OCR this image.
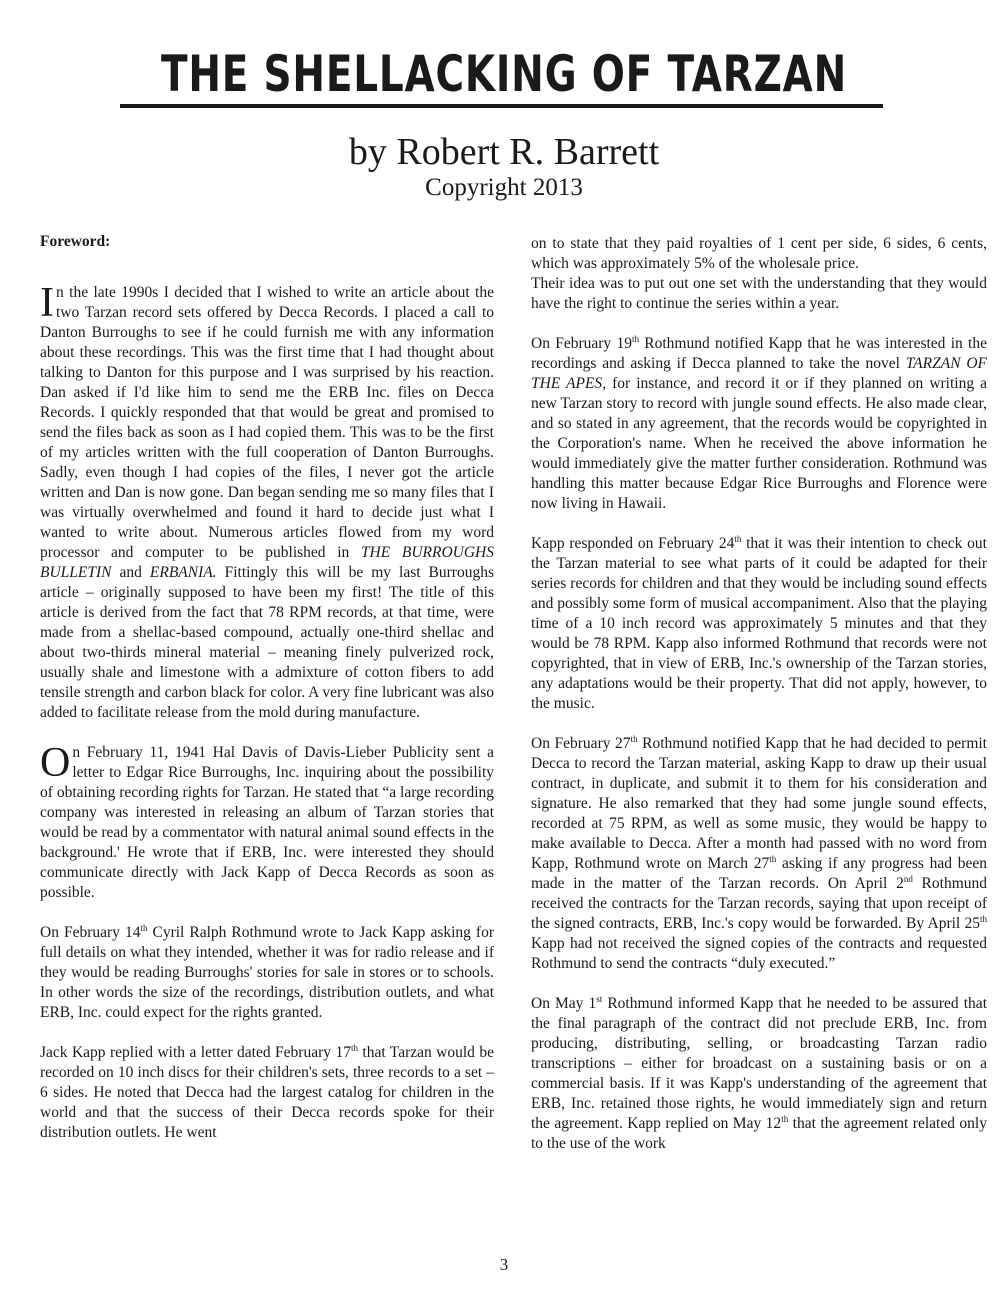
THE SHELLACKING OF TARZAN
by Robert R. Barrett
Copyright 2013
Foreword:

In the late 1990s I decided that I wished to write an article about the two Tarzan record sets offered by Decca Records. I placed a call to Danton Burroughs to see if he could furnish me with any information about these recordings. This was the first time that I had thought about talking to Danton for this purpose and I was surprised by his reaction. Dan asked if I'd like him to send me the ERB Inc. files on Decca Records. I quickly responded that that would be great and promised to send the files back as soon as I had copied them. This was to be the first of my articles written with the full cooperation of Danton Burroughs. Sadly, even though I had copies of the files, I never got the article written and Dan is now gone. Dan began sending me so many files that I was virtually overwhelmed and found it hard to decide just what I wanted to write about. Numerous articles flowed from my word processor and computer to be published in THE BURROUGHS BULLETIN and ERBANIA. Fittingly this will be my last Burroughs article – originally supposed to have been my first! The title of this article is derived from the fact that 78 RPM records, at that time, were made from a shellac-based compound, actually one-third shellac and about two-thirds mineral material – meaning finely pulverized rock, usually shale and limestone with a admixture of cotton fibers to add tensile strength and carbon black for color. A very fine lubricant was also added to facilitate release from the mold during manufacture.

On February 11, 1941 Hal Davis of Davis-Lieber Publicity sent a letter to Edgar Rice Burroughs, Inc. inquiring about the possibility of obtaining recording rights for Tarzan. He stated that “a large recording company was interested in releasing an album of Tarzan stories that would be read by a commentator with natural animal sound effects in the background.' He wrote that if ERB, Inc. were interested they should communicate directly with Jack Kapp of Decca Records as soon as possible.

On February 14th Cyril Ralph Rothmund wrote to Jack Kapp asking for full details on what they intended, whether it was for radio release and if they would be reading Burroughs' stories for sale in stores or to schools. In other words the size of the recordings, distribution outlets, and what ERB, Inc. could expect for the rights granted.

Jack Kapp replied with a letter dated February 17th that Tarzan would be recorded on 10 inch discs for their children's sets, three records to a set – 6 sides. He noted that Decca had the largest catalog for children in the world and that the success of their Decca records spoke for their distribution outlets. He went

on to state that they paid royalties of 1 cent per side, 6 sides, 6 cents, which was approximately 5% of the wholesale price.
Their idea was to put out one set with the understanding that they would have the right to continue the series within a year.

On February 19th Rothmund notified Kapp that he was interested in the recordings and asking if Decca planned to take the novel TARZAN OF THE APES, for instance, and record it or if they planned on writing a new Tarzan story to record with jungle sound effects. He also made clear, and so stated in any agreement, that the records would be copyrighted in the Corporation's name. When he received the above information he would immediately give the matter further consideration. Rothmund was handling this matter because Edgar Rice Burroughs and Florence were now living in Hawaii.

Kapp responded on February 24th that it was their intention to check out the Tarzan material to see what parts of it could be adapted for their series records for children and that they would be including sound effects and possibly some form of musical accompaniment. Also that the playing time of a 10 inch record was approximately 5 minutes and that they would be 78 RPM. Kapp also informed Rothmund that records were not copyrighted, that in view of ERB, Inc.'s ownership of the Tarzan stories, any adaptations would be their property. That did not apply, however, to the music.

On February 27th Rothmund notified Kapp that he had decided to permit Decca to record the Tarzan material, asking Kapp to draw up their usual contract, in duplicate, and submit it to them for his consideration and signature. He also remarked that they had some jungle sound effects, recorded at 75 RPM, as well as some music, they would be happy to make available to Decca. After a month had passed with no word from Kapp, Rothmund wrote on March 27th asking if any progress had been made in the matter of the Tarzan records. On April 2nd Rothmund received the contracts for the Tarzan records, saying that upon receipt of the signed contracts, ERB, Inc.'s copy would be forwarded. By April 25th Kapp had not received the signed copies of the contracts and requested Rothmund to send the contracts “duly executed.”

On May 1st Rothmund informed Kapp that he needed to be assured that the final paragraph of the contract did not preclude ERB, Inc. from producing, distributing, selling, or broadcasting Tarzan radio transcriptions – either for broadcast on a sustaining basis or on a commercial basis. If it was Kapp's understanding of the agreement that ERB, Inc. retained those rights, he would immediately sign and return the agreement. Kapp replied on May 12th that the agreement related only to the use of the work

3
